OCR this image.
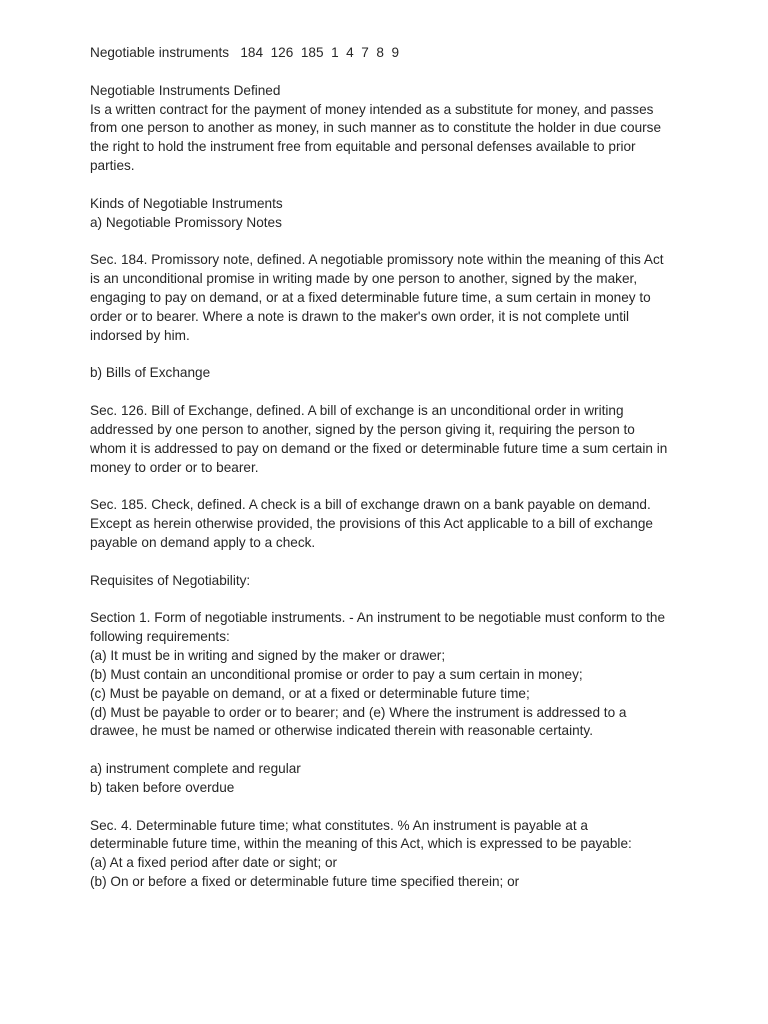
Negotiable instruments   184  126  185  1  4  7  8  9
Negotiable Instruments Defined
Is a written contract for the payment of money intended as a substitute for money, and passes
from one person to another as money, in such manner as to constitute the holder in due course
the right to hold the instrument free from equitable and personal defenses available to prior
parties.
Kinds of Negotiable Instruments
a) Negotiable Promissory Notes
Sec. 184. Promissory note, defined. A negotiable promissory note within the meaning of this Act
is an unconditional promise in writing made by one person to another, signed by the maker,
engaging to pay on demand, or at a fixed determinable future time, a sum certain in money to
order or to bearer. Where a note is drawn to the maker's own order, it is not complete until
indorsed by him.
b) Bills of Exchange
Sec. 126. Bill of Exchange, defined. A bill of exchange is an unconditional order in writing
addressed by one person to another, signed by the person giving it, requiring the person to
whom it is addressed to pay on demand or the fixed or determinable future time a sum certain in
money to order or to bearer.
Sec. 185. Check, defined. A check is a bill of exchange drawn on a bank payable on demand.
Except as herein otherwise provided, the provisions of this Act applicable to a bill of exchange
payable on demand apply to a check.
Requisites of Negotiability:
Section 1. Form of negotiable instruments. - An instrument to be negotiable must conform to the
following requirements:
(a) It must be in writing and signed by the maker or drawer;
(b) Must contain an unconditional promise or order to pay a sum certain in money;
(c) Must be payable on demand, or at a fixed or determinable future time;
(d) Must be payable to order or to bearer; and (e) Where the instrument is addressed to a
drawee, he must be named or otherwise indicated therein with reasonable certainty.
a) instrument complete and regular
b) taken before overdue
Sec. 4. Determinable future time; what constitutes. % An instrument is payable at a
determinable future time, within the meaning of this Act, which is expressed to be payable:
(a) At a fixed period after date or sight; or
(b) On or before a fixed or determinable future time specified therein; or
